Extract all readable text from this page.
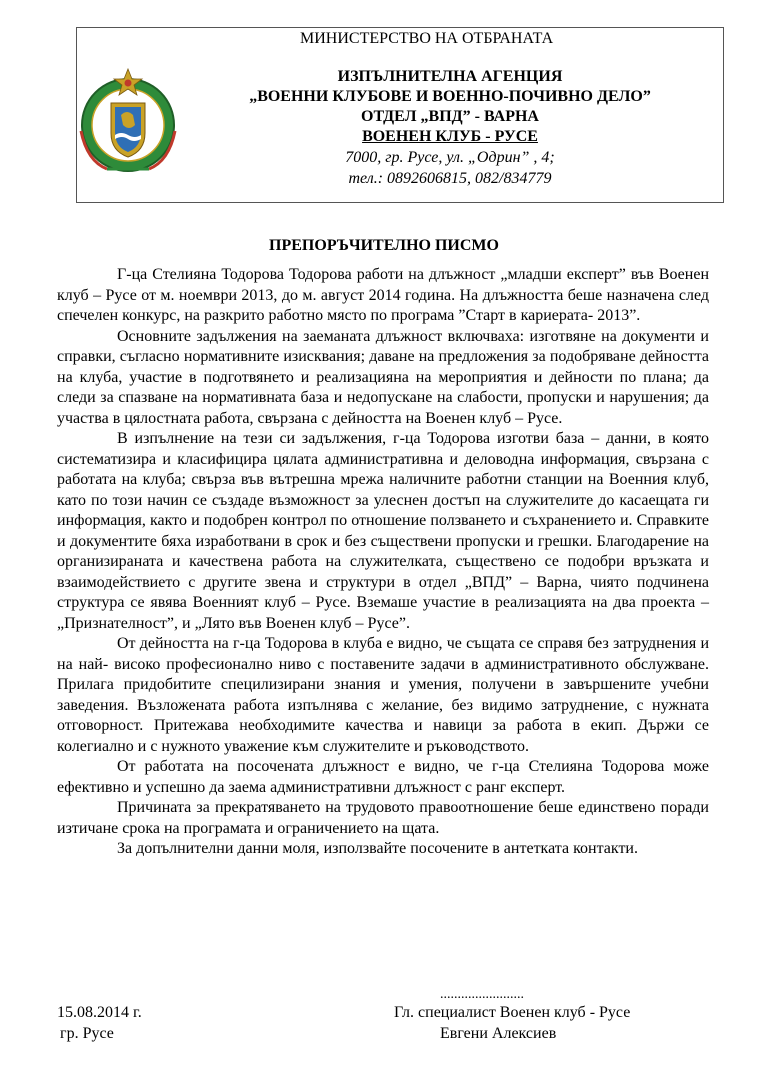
МИНИСТЕРСТВО НА ОТБРАНАТА
ИЗПЪЛНИТЕЛНА АГЕНЦИЯ
„ВОЕННИ КЛУБОВЕ И ВОЕННО-ПОЧИВНО ДЕЛО”
ОТДЕЛ „ВПД” - ВАРНА
ВОЕНЕН КЛУБ - РУСЕ
7000, гр. Русе, ул. „Одрин” , 4;
тел.: 0892606815, 082/834779
ПРЕПОРЪЧИТЕЛНО ПИСМО

Г-ца Стелияна Тодорова Тодорова работи на длъжност „младши експерт” във Военен клуб – Русе от м. ноември 2013, до м. август 2014 година. На длъжността беше назначена след спечелен конкурс, на разкрито работно място по програма ”Старт в кариерата- 2013”.

Основните задължения на заеманата длъжност включваха: изготвяне на документи и справки, съгласно нормативните изисквания; даване на предложения за подобряване дейността на клуба, участие в подготвянето и реализацияна на мероприятия и дейности по плана; да следи за спазване на нормативната база и недопускане на слабости, пропуски и нарушения; да участва в цялостната работа, свързана с дейността на Военен клуб – Русе.

В изпълнение на тези си задължения, г-ца Тодорова изготви база – данни, в която систематизира и класифицира цялата административна и деловодна информация, свързана с работата на клуба; свърза във вътрешна мрежа наличните работни станции на Военния клуб, като по този начин се създаде възможност за улеснен достъп на служителите до касаещата ги информация, както и подобрен контрол по отношение ползването и съхранението и. Справките и документите бяха изработвани в срок и без съществени пропуски и грешки. Благодарение на организираната и качествена работа на служителката, съществено се подобри връзката и взаимодействието с другите звена и структури в отдел „ВПД” – Варна, чиято подчинена структура се явява Военният клуб – Русе. Вземаше участие в реализацията на два проекта – „Признателност”, и „Лято във Военен клуб – Русе”.

От дейността на г-ца Тодорова в клуба е видно, че същата се справя без затруднения и на най- високо професионално ниво с поставените задачи в административното обслужване. Прилага придобитите специлизирани знания и умения, получени в завършените учебни заведения. Възложената работа изпълнява с желание, без видимо затруднение, с нужната отговорност. Притежава необходимите качества и навици за работа в екип. Държи се колегиално и с нужното уважение към служителите и ръководството.

От работата на посочената длъжност е видно, че г-ца Стелияна Тодорова може ефективно и успешно да заема административни длъжност с ранг експерт.

Причината за прекратяването на трудовото правоотношение беше единствено поради изтичане срока на програмата и ограничението на щата.

За допълнителни данни моля, използвайте посочените в антетката контакти.

........................
15.08.2014 г.	Гл. специалист Военен клуб - Русе
гр. Русе	Евгени Алексиев
